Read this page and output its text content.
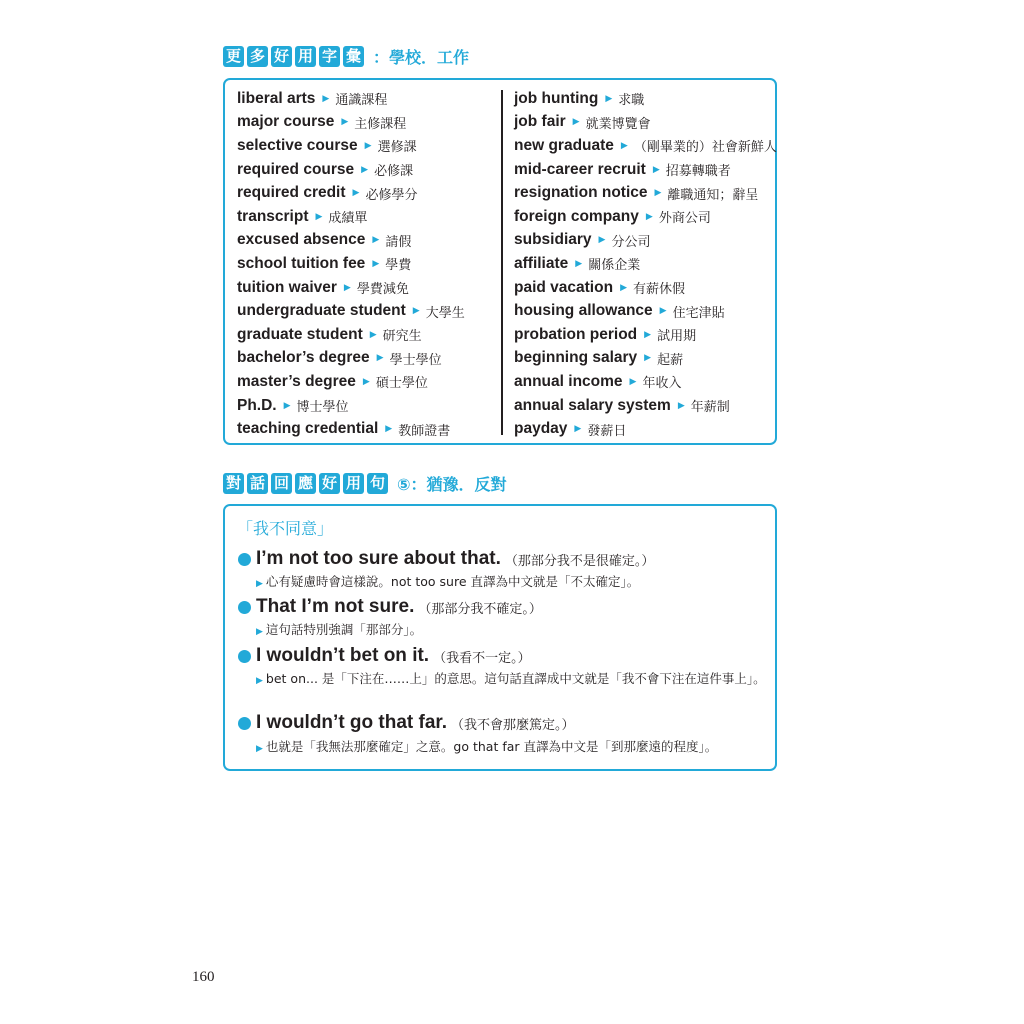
更 多 好 用 字 彙 ：學校．工作
liberal arts ▶ 通識課程
major course ▶ 主修課程
selective course ▶ 選修課
required course ▶ 必修課
required credit ▶ 必修學分
transcript ▶ 成績單
excused absence ▶ 請假
school tuition fee ▶ 學費
tuition waiver ▶ 學費減免
undergraduate student ▶ 大學生
graduate student ▶ 研究生
bachelor’s degree ▶ 學士學位
master’s degree ▶ 碩士學位
Ph.D. ▶ 博士學位
teaching credential ▶ 教師證書
job hunting ▶ 求職
job fair ▶ 就業博覽會
new graduate ▶ （剛畢業的）社會新鮮人
mid-career recruit ▶ 招募轉職者
resignation notice ▶ 離職通知；辭呈
foreign company ▶ 外商公司
subsidiary ▶ 分公司
affiliate ▶ 關係企業
paid vacation ▶ 有薪休假
housing allowance ▶ 住宅津貼
probation period ▶ 試用期
beginning salary ▶ 起薪
annual income ▶ 年收入
annual salary system ▶ 年薪制
payday ▶ 發薪日
對 話 回 應 好 用 句 ⑤：猶豫．反對
「我不同意」
I’m not too sure about that. （那部分我不是很確定。）
▶ 心有疑慮時會這樣說。not too sure 直譯為中文就是「不太確定」。
That I’m not sure. （那部分我不確定。）
▶ 這句話特別強調「那部分」。
I wouldn’t bet on it. （我看不一定。）
▶ bet on... 是「下注在……上」的意思。這句話直譯成中文就是「我不會下注在這件事上」。
I wouldn’t go that far. （我不會那麼篤定。）
▶ 也就是「我無法那麼確定」之意。go that far 直譯為中文是「到那麼遠的程度」。
160
